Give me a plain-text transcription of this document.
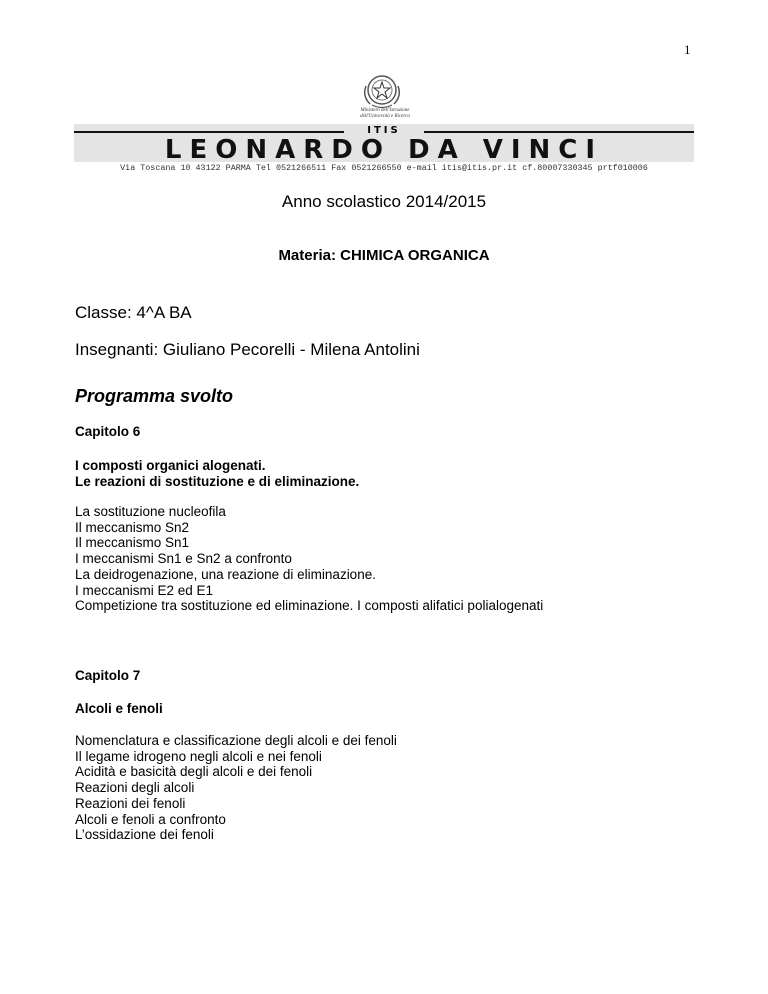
1
Ministero dell'Istruzione dell'Università e Ricerca
ITIS
LEONARDO DA VINCI
Via Toscana 10 43122 PARMA Tel 0521266511 Fax 0521266550 e-mail itis@itis.pr.it cf.80007330345 prtf010006
Anno scolastico 2014/2015
Materia: CHIMICA ORGANICA
Classe: 4^A BA
Insegnanti: Giuliano Pecorelli - Milena Antolini
Programma svolto
Capitolo 6
I composti organici alogenati.
Le reazioni di sostituzione e di eliminazione.
La sostituzione nucleofila
Il meccanismo Sn2
Il meccanismo Sn1
I meccanismi Sn1 e Sn2 a confronto
La deidrogenazione, una reazione di eliminazione.
I meccanismi E2 ed E1
Competizione tra sostituzione ed eliminazione. I composti alifatici polialogenati
Capitolo 7
Alcoli e fenoli
Nomenclatura e classificazione degli alcoli e dei fenoli
Il legame idrogeno negli alcoli e nei fenoli
Acidità e basicità degli alcoli e dei fenoli
Reazioni degli alcoli
Reazioni dei fenoli
Alcoli e fenoli a confronto
L’ossidazione dei fenoli
